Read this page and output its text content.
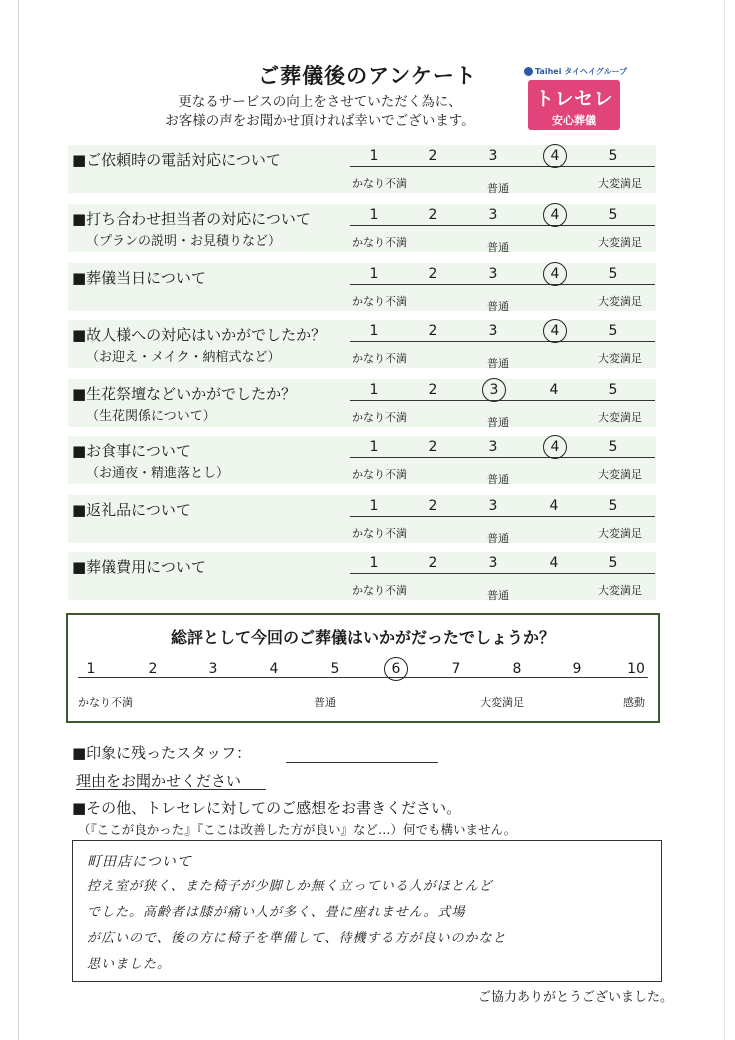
ご葬儀後のアンケート
更なるサービスの向上をさせていただく為に、
お客様の声をお聞かせ頂ければ幸いでございます。
Taihei タイヘイグループ
トレセレ
安心葬儀
■ご依頼時の電話対応について	1	2	3	4	5
かなり不満	普通	大変満足
■打ち合わせ担当者の対応について
（プランの説明・お見積りなど）
1	2	3	4	5
かなり不満	普通	大変満足
■葬儀当日について	1	2	3	4	5
かなり不満	普通	大変満足
■故人様への対応はいかがでしたか？
（お迎え・メイク・納棺式など）
1	2	3	4	5
かなり不満	普通	大変満足
■生花祭壇などいかがでしたか？
（生花関係について）
1	2	3	4	5
かなり不満	普通	大変満足
■お食事について
（お通夜・精進落とし）
1	2	3	4	5
かなり不満	普通	大変満足
■返礼品について	1	2	3	4	5
かなり不満	普通	大変満足
■葬儀費用について	1	2	3	4	5
かなり不満	普通	大変満足
総評として今回のご葬儀はいかがだったでしょうか？
1	2	3	4	5	6	7	8	9	10
かなり不満	普通	大変満足	感動
■印象に残ったスタッフ：
理由をお聞かせください
■その他、トレセレに対してのご感想をお書きください。
（『ここが良かった』『ここは改善した方が良い』など…）何でも構いません。
町田店について
控え室が狭く、また椅子が少脚しか無く立っている人がほとんど
でした。高齢者は膝が痛い人が多く、畳に座れません。式場
が広いので、後の方に椅子を準備して、待機する方が良いのかなと
思いました。
ご協力ありがとうございました。
